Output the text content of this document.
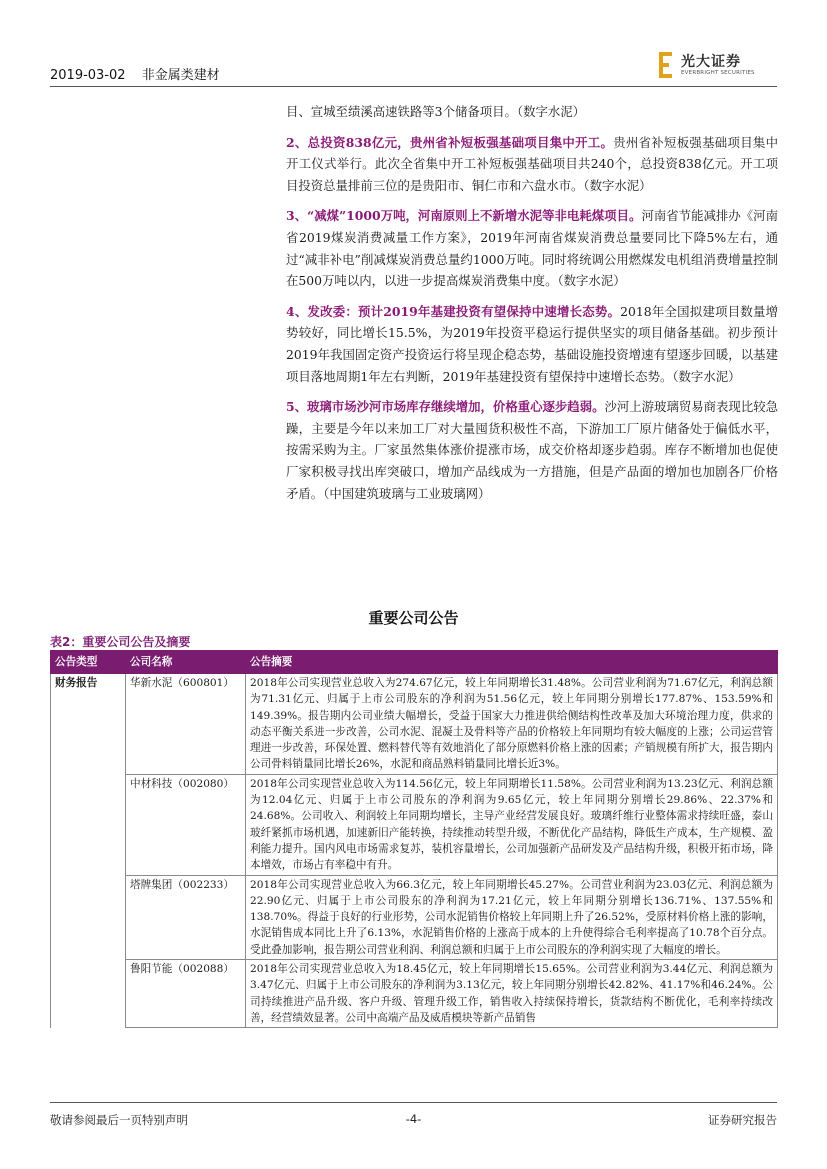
2019-03-02 非金属类建材
光大证券
EVERBRIGHT SECURITIES

目、宣城至绩溪高速铁路等3个储备项目。（数字水泥）

2、总投资838亿元，贵州省补短板强基础项目集中开工。贵州省补短板强基础项目集中开工仪式举行。此次全省集中开工补短板强基础项目共240个，总投资838亿元。开工项目投资总量排前三位的是贵阳市、铜仁市和六盘水市。（数字水泥）

3、“减煤”1000万吨，河南原则上不新增水泥等非电耗煤项目。河南省节能减排办《河南省2019煤炭消费减量工作方案》，2019年河南省煤炭消费总量要同比下降5%左右，通过“减非补电”削减煤炭消费总量约1000万吨。同时将统调公用燃煤发电机组消费增量控制在500万吨以内，以进一步提高煤炭消费集中度。（数字水泥）

4、发改委：预计2019年基建投资有望保持中速增长态势。2018年全国拟建项目数量增势较好，同比增长15.5%，为2019年投资平稳运行提供坚实的项目储备基础。初步预计2019年我国固定资产投资运行将呈现企稳态势，基础设施投资增速有望逐步回暖，以基建项目落地周期1年左右判断，2019年基建投资有望保持中速增长态势。（数字水泥）

5、玻璃市场沙河市场库存继续增加，价格重心逐步趋弱。沙河上游玻璃贸易商表现比较急躁，主要是今年以来加工厂对大量囤货积极性不高，下游加工厂原片储备处于偏低水平，按需采购为主。厂家虽然集体涨价提涨市场，成交价格却逐步趋弱。库存不断增加也促使厂家积极寻找出库突破口，增加产品线成为一方措施，但是产品面的增加也加剧各厂价格矛盾。（中国建筑玻璃与工业玻璃网）

重要公司公告
表2：重要公司公告及摘要
公告类型	公司名称	公告摘要
财务报告	华新水泥（600801）	2018年公司实现营业总收入为274.67亿元，较上年同期增长31.48%。公司营业利润为71.67亿元，利润总额为71.31亿元、归属于上市公司股东的净利润为51.56亿元，较上年同期分别增长177.87%、153.59%和149.39%。报告期内公司业绩大幅增长，受益于国家大力推进供给侧结构性改革及加大环境治理力度，供求的动态平衡关系进一步改善，公司水泥、混凝土及骨料等产品的价格较上年同期均有较大幅度的上涨；公司运营管理进一步改善，环保处置、燃料替代等有效地消化了部分原燃料价格上涨的因素；产销规模有所扩大，报告期内公司骨料销量同比增长26%，水泥和商品熟料销量同比增长近3%。
	中材科技（002080）	2018年公司实现营业总收入为114.56亿元，较上年同期增长11.58%。公司营业利润为13.23亿元、利润总额为12.04亿元、归属于上市公司股东的净利润为9.65亿元，较上年同期分别增长29.86%、22.37%和24.68%。公司收入、利润较上年同期均增长，主导产业经营发展良好。玻璃纤维行业整体需求持续旺盛，泰山玻纤紧抓市场机遇，加速新旧产能转换，持续推动转型升级，不断优化产品结构，降低生产成本，生产规模、盈利能力提升。国内风电市场需求复苏，装机容量增长，公司加强新产品研发及产品结构升级，积极开拓市场，降本增效，市场占有率稳中有升。
	塔牌集团（002233）	2018年公司实现营业总收入为66.3亿元，较上年同期增长45.27%。公司营业利润为23.03亿元、利润总额为22.90亿元、归属于上市公司股东的净利润为17.21亿元，较上年同期分别增长136.71%、137.55%和138.70%。得益于良好的行业形势，公司水泥销售价格较上年同期上升了26.52%，受原材料价格上涨的影响，水泥销售成本同比上升了6.13%，水泥销售价格的上涨高于成本的上升使得综合毛利率提高了10.78个百分点。受此叠加影响，报告期公司营业利润、利润总额和归属于上市公司股东的净利润实现了大幅度的增长。
	鲁阳节能（002088）	2018年公司实现营业总收入为18.45亿元，较上年同期增长15.65%。公司营业利润为3.44亿元、利润总额为3.47亿元、归属于上市公司股东的净利润为3.13亿元，较上年同期分别增长42.82%、41.17%和46.24%。公司持续推进产品升级、客户升级、管理升级工作，销售收入持续保持增长，货款结构不断优化，毛利率持续改善，经营绩效显著。公司中高端产品及威盾模块等新产品销售
敬请参阅最后一页特别声明	-4-	证券研究报告
